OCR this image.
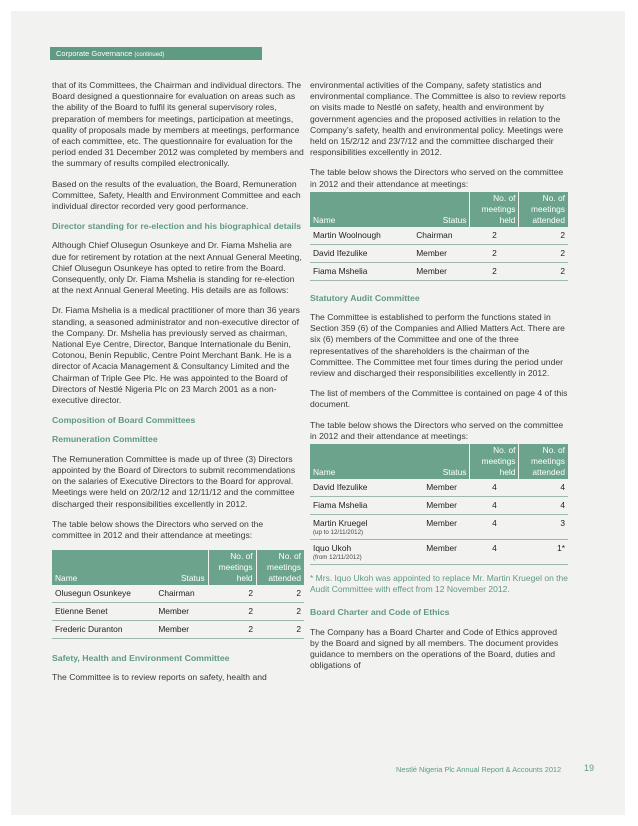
Corporate Governance (continued)

that of its Committees, the Chairman and individual directors. The Board designed a questionnaire for evaluation on areas such as the ability of the Board to fulfil its general supervisory roles, preparation of members for meetings, participation at meetings, quality of proposals made by members at meetings, performance of each committee, etc. The questionnaire for evaluation for the period ended 31 December 2012 was completed by members and the summary of results compiled electronically.

Based on the results of the evaluation, the Board, Remuneration Committee, Safety, Health and Environment Committee and each individual director recorded very good performance.

Director standing for re-election and his biographical details

Although Chief Olusegun Osunkeye and Dr. Fiama Mshelia are due for retirement by rotation at the next Annual General Meeting, Chief Olusegun Osunkeye has opted to retire from the Board. Consequently, only Dr. Fiama Mshelia is standing for re-election at the next Annual General Meeting. His details are as follows:

Dr. Fiama Mshelia is a medical practitioner of more than 36 years standing, a seasoned administrator and non-executive director of the Company. Dr. Mshelia has previously served as chairman, National Eye Centre, Director, Banque Internationale du Benin, Cotonou, Benin Republic, Centre Point Merchant Bank. He is a director of Acacia Management & Consultancy Limited and the Chairman of Triple Gee Plc. He was appointed to the Board of Directors of Nestlé Nigeria Plc on 23 March 2001 as a non-executive director.

Composition of Board Committees
Remuneration Committee

The Remuneration Committee is made up of three (3) Directors appointed by the Board of Directors to submit recommendations on the salaries of Executive Directors to the Board for approval. Meetings were held on 20/2/12 and 12/11/12 and the committee discharged their responsibilities excellently in 2012.

The table below shows the Directors who served on the committee in 2012 and their attendance at meetings:

Name	Status	No. of
meetings
held	No. of
meetings
attended
Olusegun Osunkeye	Chairman	2	2
Etienne Benet	Member	2	2
Frederic Duranton	Member	2	2
Safety, Health and Environment Committee

The Committee is to review reports on safety, health and

environmental activities of the Company, safety statistics and environmental compliance. The Committee is also to review reports on visits made to Nestlé on safety, health and environment by government agencies and the proposed activities in relation to the Company’s safety, health and environmental policy. Meetings were held on 15/2/12 and 23/7/12 and the committee discharged their responsibilities excellently in 2012.

The table below shows the Directors who served on the committee in 2012 and their attendance at meetings:

Name	Status	No. of
meetings
held	No. of
meetings
attended
Martin Woolnough	Chairman	2	2
David Ifezulike	Member	2	2
Fiama Mshelia	Member	2	2
Statutory Audit Committee

The Committee is established to perform the functions stated in Section 359 (6) of the Companies and Allied Matters Act. There are six (6) members of the Committee and one of the three representatives of the shareholders is the chairman of the Committee. The Committee met four times during the period under review and discharged their responsibilities excellently in 2012.

The list of members of the Committee is contained on page 4 of this document.

The table below shows the Directors who served on the committee in 2012 and their attendance at meetings:

Name	Status	No. of
meetings
held	No. of
meetings
attended
David Ifezulike	Member	4	4
Fiama Mshelia	Member	4	4
Martin Kruegel
(up to 12/11/2012)	Member	4	3
Iquo Ukoh
(from 12/11/2012)	Member	4	1*

* Mrs. Iquo Ukoh was appointed to replace Mr. Martin Kruegel on the Audit Committee with effect from 12 November 2012.

Board Charter and Code of Ethics

The Company has a Board Charter and Code of Ethics approved by the Board and signed by all members. The document provides guidance to members on the operations of the Board, duties and obligations of

Nestlé Nigeria Plc Annual Report & Accounts 2012	19
